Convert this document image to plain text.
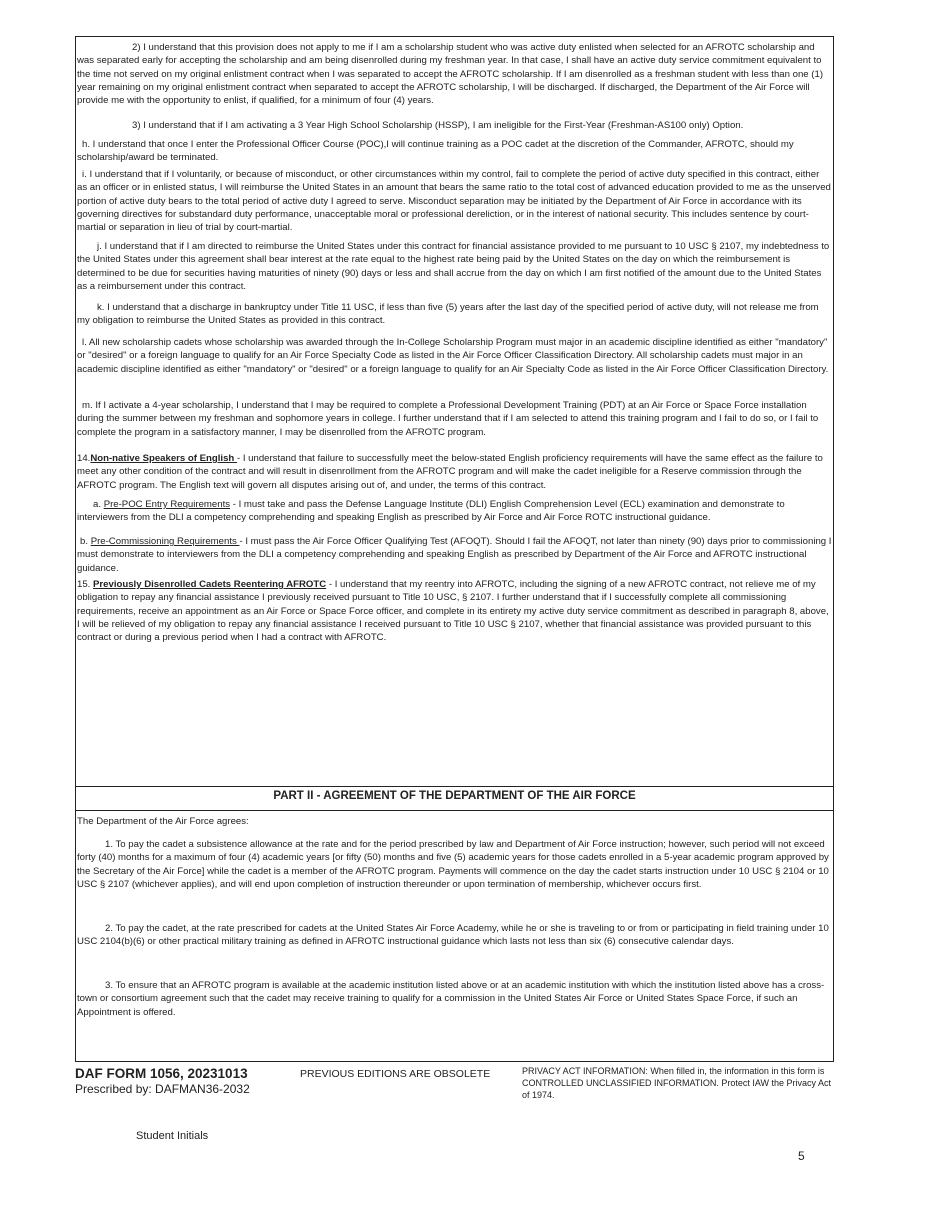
2) I understand that this provision does not apply to me if I am a scholarship student who was active duty enlisted when selected for an AFROTC scholarship and was separated early for accepting the scholarship and am being disenrolled during my freshman year. In that case, I shall have an active duty service commitment equivalent to the time not served on my original enlistment contract when I was separated to accept the AFROTC scholarship. If I am disenrolled as a freshman student with less than one (1) year remaining on my original enlistment contract when separated to accept the AFROTC scholarship, I will be discharged. If discharged, the Department of the Air Force will provide me with the opportunity to enlist, if qualified, for a minimum of four (4) years.

3) I understand that if I am activating a 3 Year High School Scholarship (HSSP), I am ineligible for the First-Year (Freshman-AS100 only) Option.

h. I understand that once I enter the Professional Officer Course (POC),I will continue training as a POC cadet at the discretion of the Commander, AFROTC, should my scholarship/award be terminated.

i. I understand that if I voluntarily, or because of misconduct, or other circumstances within my control, fail to complete the period of active duty specified in this contract, either as an officer or in enlisted status, I will reimburse the United States in an amount that bears the same ratio to the total cost of advanced education provided to me as the unserved portion of active duty bears to the total period of active duty I agreed to serve. Misconduct separation may be initiated by the Department of Air Force in accordance with its governing directives for substandard duty performance, unacceptable moral or professional dereliction, or in the interest of national security. This includes sentence by court-martial or separation in lieu of trial by court-martial.

j. I understand that if I am directed to reimburse the United States under this contract for financial assistance provided to me pursuant to 10 USC § 2107, my indebtedness to the United States under this agreement shall bear interest at the rate equal to the highest rate being paid by the United States on the day on which the reimbursement is determined to be due for securities having maturities of ninety (90) days or less and shall accrue from the day on which I am first notified of the amount due to the United States as a reimbursement under this contract.

k. I understand that a discharge in bankruptcy under Title 11 USC, if less than five (5) years after the last day of the specified period of active duty, will not release me from my obligation to reimburse the United States as provided in this contract.

l. All new scholarship cadets whose scholarship was awarded through the In-College Scholarship Program must major in an academic discipline identified as either "mandatory" or "desired" or a foreign language to qualify for an Air Force Specialty Code as listed in the Air Force Officer Classification Directory. All scholarship cadets must major in an academic discipline identified as either "mandatory" or "desired" or a foreign language to qualify for an Air Specialty Code as listed in the Air Force Officer Classification Directory.

m. If I activate a 4-year scholarship, I understand that I may be required to complete a Professional Development Training (PDT) at an Air Force or Space Force installation during the summer between my freshman and sophomore years in college. I further understand that if I am selected to attend this training program and I fail to do so, or I fail to complete the program in a satisfactory manner, I may be disenrolled from the AFROTC program.

14.Non-native Speakers of English - I understand that failure to successfully meet the below-stated English proficiency requirements will have the same effect as the failure to meet any other condition of the contract and will result in disenrollment from the AFROTC program and will make the cadet ineligible for a Reserve commission through the AFROTC program. The English text will govern all disputes arising out of, and under, the terms of this contract.

a. Pre-POC Entry Requirements - I must take and pass the Defense Language Institute (DLI) English Comprehension Level (ECL) examination and demonstrate to interviewers from the DLI a competency comprehending and speaking English as prescribed by Air Force and Air Force ROTC instructional guidance.

b. Pre-Commissioning Requirements - I must pass the Air Force Officer Qualifying Test (AFOQT). Should I fail the AFOQT, not later than ninety (90) days prior to commissioning I must demonstrate to interviewers from the DLI a competency comprehending and speaking English as prescribed by Department of the Air Force and AFROTC instructional guidance.

15. Previously Disenrolled Cadets Reentering AFROTC - I understand that my reentry into AFROTC, including the signing of a new AFROTC contract, not relieve me of my obligation to repay any financial assistance I previously received pursuant to Title 10 USC, § 2107. I further understand that if I successfully complete all commissioning requirements, receive an appointment as an Air Force or Space Force officer, and complete in its entirety my active duty service commitment as described in paragraph 8, above, I will be relieved of my obligation to repay any financial assistance I received pursuant to Title 10 USC § 2107, whether that financial assistance was provided pursuant to this contract or during a previous period when I had a contract with AFROTC.

PART II - AGREEMENT OF THE DEPARTMENT OF THE AIR FORCE

The Department of the Air Force agrees:

1. To pay the cadet a subsistence allowance at the rate and for the period prescribed by law and Department of Air Force instruction; however, such period will not exceed forty (40) months for a maximum of four (4) academic years [or fifty (50) months and five (5) academic years for those cadets enrolled in a 5-year academic program approved by the Secretary of the Air Force] while the cadet is a member of the AFROTC program. Payments will commence on the day the cadet starts instruction under 10 USC § 2104 or 10 USC § 2107 (whichever applies), and will end upon completion of instruction thereunder or upon termination of membership, whichever occurs first.

2. To pay the cadet, at the rate prescribed for cadets at the United States Air Force Academy, while he or she is traveling to or from or participating in field training under 10 USC 2104(b)(6) or other practical military training as defined in AFROTC instructional guidance which lasts not less than six (6) consecutive calendar days.

3. To ensure that an AFROTC program is available at the academic institution listed above or at an academic institution with which the institution listed above has a cross-town or consortium agreement such that the cadet may receive training to qualify for a commission in the United States Air Force or United States Space Force, if such an Appointment is offered.

DAF FORM 1056, 20231013
Prescribed by: DAFMAN36-2032
PREVIOUS EDITIONS ARE OBSOLETE	PRIVACY ACT INFORMATION: When filled in, the information in this form is CONTROLLED UNCLASSIFIED INFORMATION. Protect IAW the Privacy Act of 1974.
Student Initials
5
